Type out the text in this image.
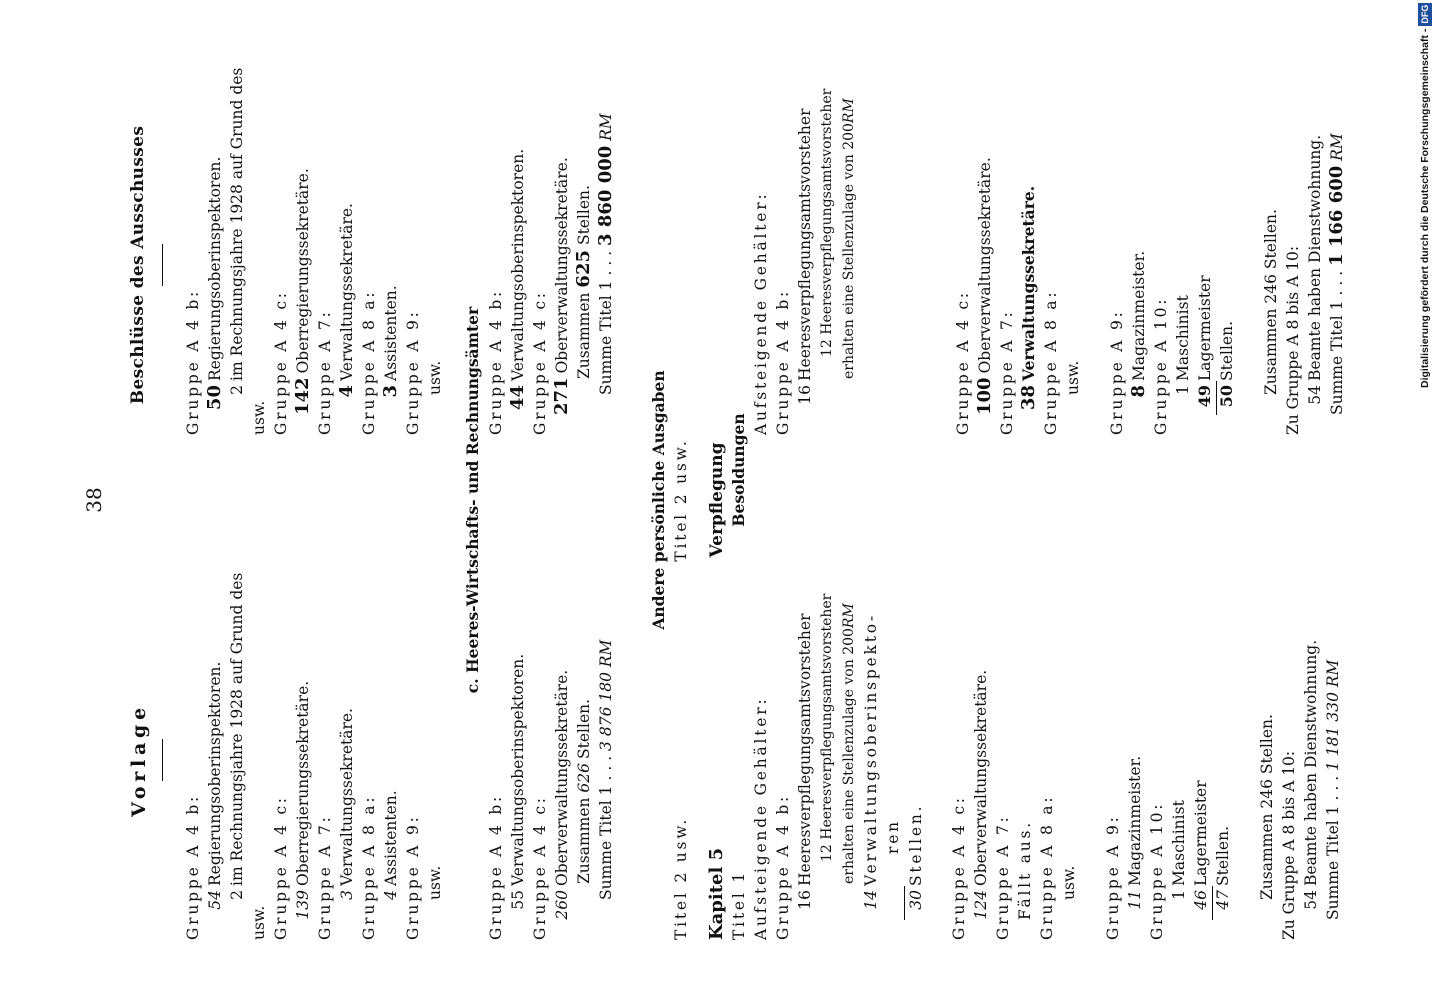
38
Vorlage
Beschlüsse des Ausschusses
Gruppe A 4 b: 54Regierungsoberinspektoren.
2im Rechnungsjahre 1928 auf Grund des
usw. Gruppe A 4 c: 139Oberregierungssekretäre. Gruppe A 7: 3Verwaltungssekretäre. Gruppe A 8 a: 4Assistenten. Gruppe A 9: usw.
Gruppe A 4 b: 50Regierungsoberinspektoren.
2im Rechnungsjahre 1928 auf Grund des
usw. Gruppe A 4 c: 142Oberregierungssekretäre. Gruppe A 7: 4Verwaltungssekretäre. Gruppe A 8 a: 3Assistenten. Gruppe A 9: usw. c. Heeres-Wirtschafts- und Rechnungsämter
Gruppe A 4 b: 55Verwaltungsoberinspektoren. Gruppe A 4 c: 260Oberverwaltungssekretäre. Zusammen 626Stellen.
Summe Titel 1 . . . 3 876 180 RM
Gruppe A 4 b: 44Verwaltungsoberinspektoren. Gruppe A 4 c: 271Oberverwaltungssekretäre. Zusammen 625 Stellen.
Summe Titel 1 . . . 3 860 000 RM
Andere persönliche Ausgaben Titel 2 usw.
Titel 2 usw. Kapitel 5
Verpflegung Besoldungen
Titel 1 Aufsteigende Gehälter: Gruppe A 4 b: 16Heeresverpflegungsamtsvorsteher 12 Heeresverpflegungsamtsvorsteher erhalten eine Stellenzulage von 200RM
14Verwaltungsoberinspekto- ren
30Stellen.
Gruppe A 4 c: 124Oberverwaltungssekretäre. Gruppe A 7: Fällt aus. Gruppe A 8 a: usw.
Gruppe A 9: 11Magazinmeister. Gruppe A 10: 1Maschinist
46Lagermeister
47Stellen.
Zusammen 246 Stellen. Zu Gruppe A 8 bis A 10: 54Beamte haben Dienstwohnung. Summe Titel 1 . . . 1 181 330 RM
Aufsteigende Gehälter: Gruppe A 4 b: 16Heeresverpflegungsamtsvorsteher 12 Heeresverpflegungsamtsvorsteher erhalten eine Stellenzulage von 200RM

Gruppe A 4 c: 100Oberverwaltungssekretäre. Gruppe A 7: 38Verwaltungssekretäre. Gruppe A 8 a: usw.
Gruppe A 9: 8Magazinmeister. Gruppe A 10: 1Maschinist
49Lagermeister
50Stellen.
Zusammen 246 Stellen. Zu Gruppe A 8 bis A 10: 54Beamte haben Dienstwohnung. Summe Titel 1 . . . 1 166 600 RM	Digitalisierung gefördert durch die Deutsche Forschungsgemeinschaft -DFG
